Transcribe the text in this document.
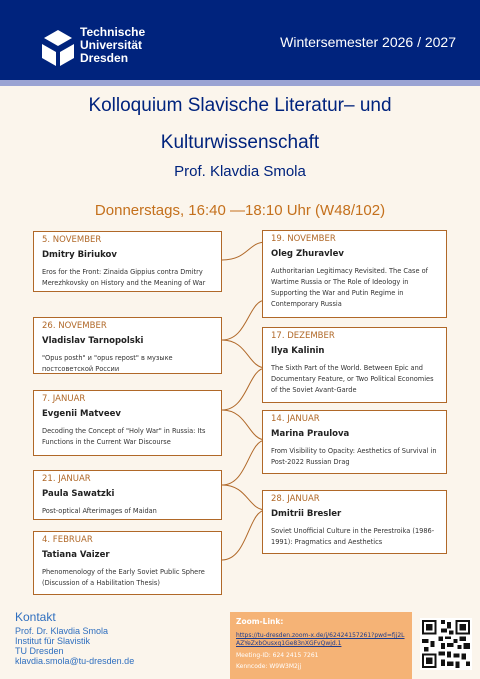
Technische
Universität
Dresden
Wintersemester 2026 / 2027
Kolloquium Slavische Literatur– und
Kulturwissenschaft
Prof. Klavdia Smola
Donnerstags, 16:40 —18:10 Uhr (W48/102)
5. NOVEMBER
Dmitry Biriukov
Eros for the Front: Zinaida Gippius contra Dmitry Merezhkovsky on History and the Meaning of War
26. NOVEMBER
Vladislav Tarnopolski
"Opus posth" и "opus repost" в музыке постсоветской России
7. JANUAR
Evgenii Matveev
Decoding the Concept of "Holy War" in Russia: Its Functions in the Current War Discourse
21. JANUAR
Paula Sawatzki
Post-optical Afterimages of Maidan
4. FEBRUAR
Tatiana Vaizer
Phenomenology of the Early Soviet Public Sphere (Discussion of a Habilitation Thesis)
19. NOVEMBER
Oleg Zhuravlev
Authoritarian Legitimacy Revisited. The Case of Wartime Russia or The Role of Ideology in Supporting the War and Putin Regime in Contemporary Russia
17. DEZEMBER
Ilya Kalinin
The Sixth Part of the World. Between Epic and Documentary Feature, or Two Political Economies of the Soviet Avant-Garde
14. JANUAR
Marina Praulova
From Visibility to Opacity: Aesthetics of Survival in Post-2022 Russian Drag
28. JANUAR
Dmitrii Bresler
Soviet Unofficial Culture in the Perestroika (1986-1991): Pragmatics and Aesthetics
Kontakt
Prof. Dr. Klavdia Smola
Institut für Slavistik
TU Dresden
klavdia.smola@tu-dresden.de
Zoom-Link:
https://tu-dresden.zoom-x.de/j/62424157261?pwd=fjj2LAZYeZxbOusxq1Ge83nXGFvQwjd.1
Meeting-ID: 624 2415 7261
Kenncode: W9W3M2jj
